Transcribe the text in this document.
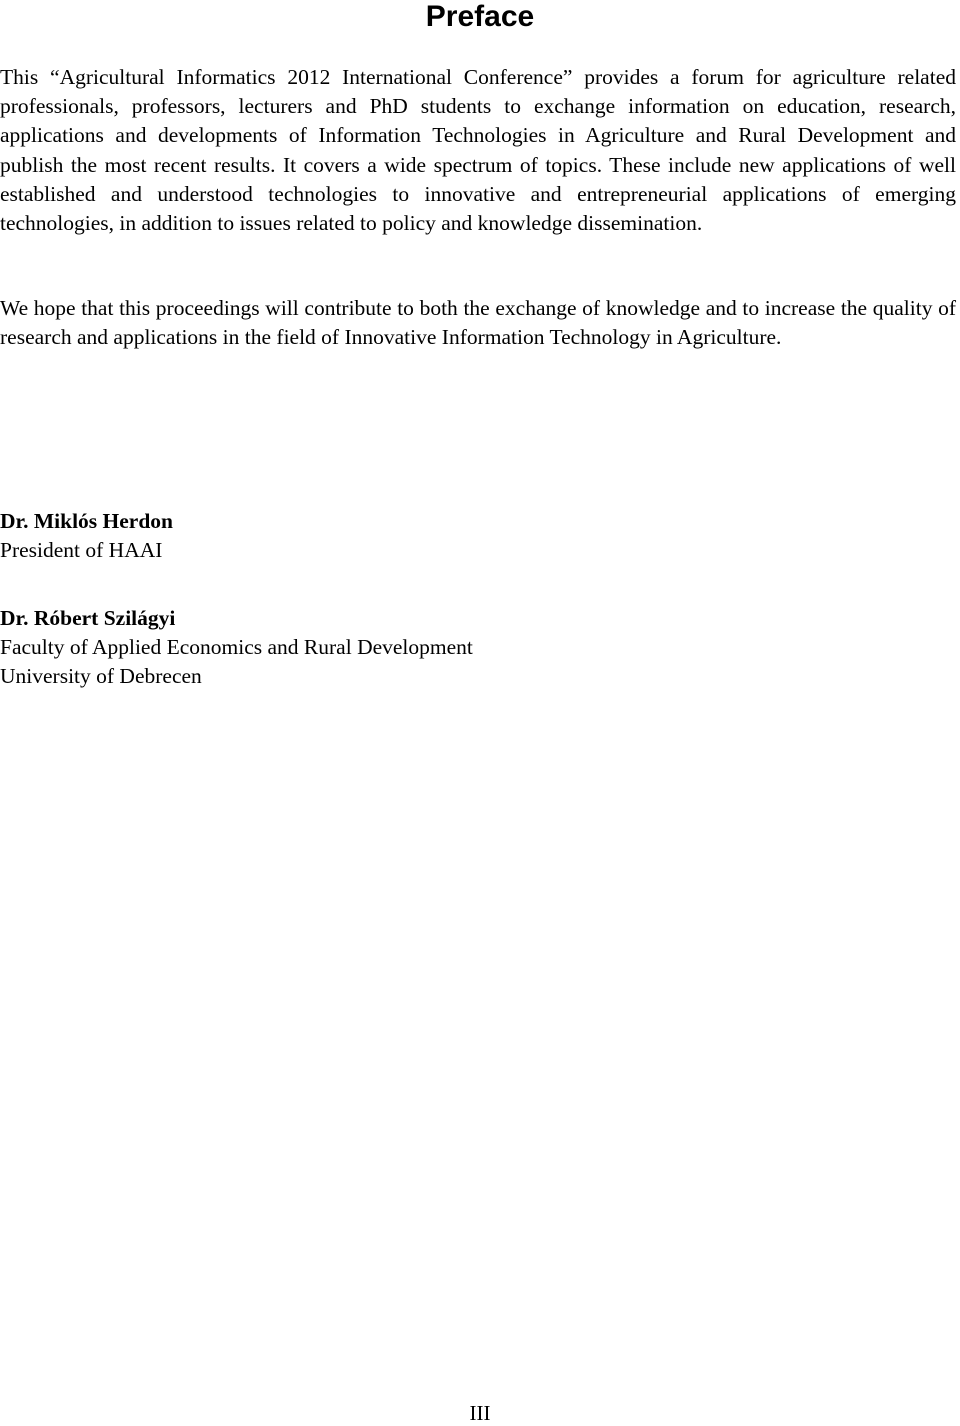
Preface

This “Agricultural Informatics 2012 International Conference” provides a forum for agriculture related professionals, professors, lecturers and PhD students to exchange information on education, research, applications and developments of Information Technologies in Agriculture and Rural Development and publish the most recent results. It covers a wide spectrum of topics. These include new applications of well established and understood technologies to innovative and entrepreneurial applications of emerging technologies, in addition to issues related to policy and knowledge dissemination.

We hope that this proceedings will contribute to both the exchange of knowledge and to increase the quality of research and applications in the field of Innovative Information Technology in Agriculture.

Dr. Miklós Herdon
President of HAAI
Dr. Róbert Szilágyi
Faculty of Applied Economics and Rural Development
University of Debrecen
III
